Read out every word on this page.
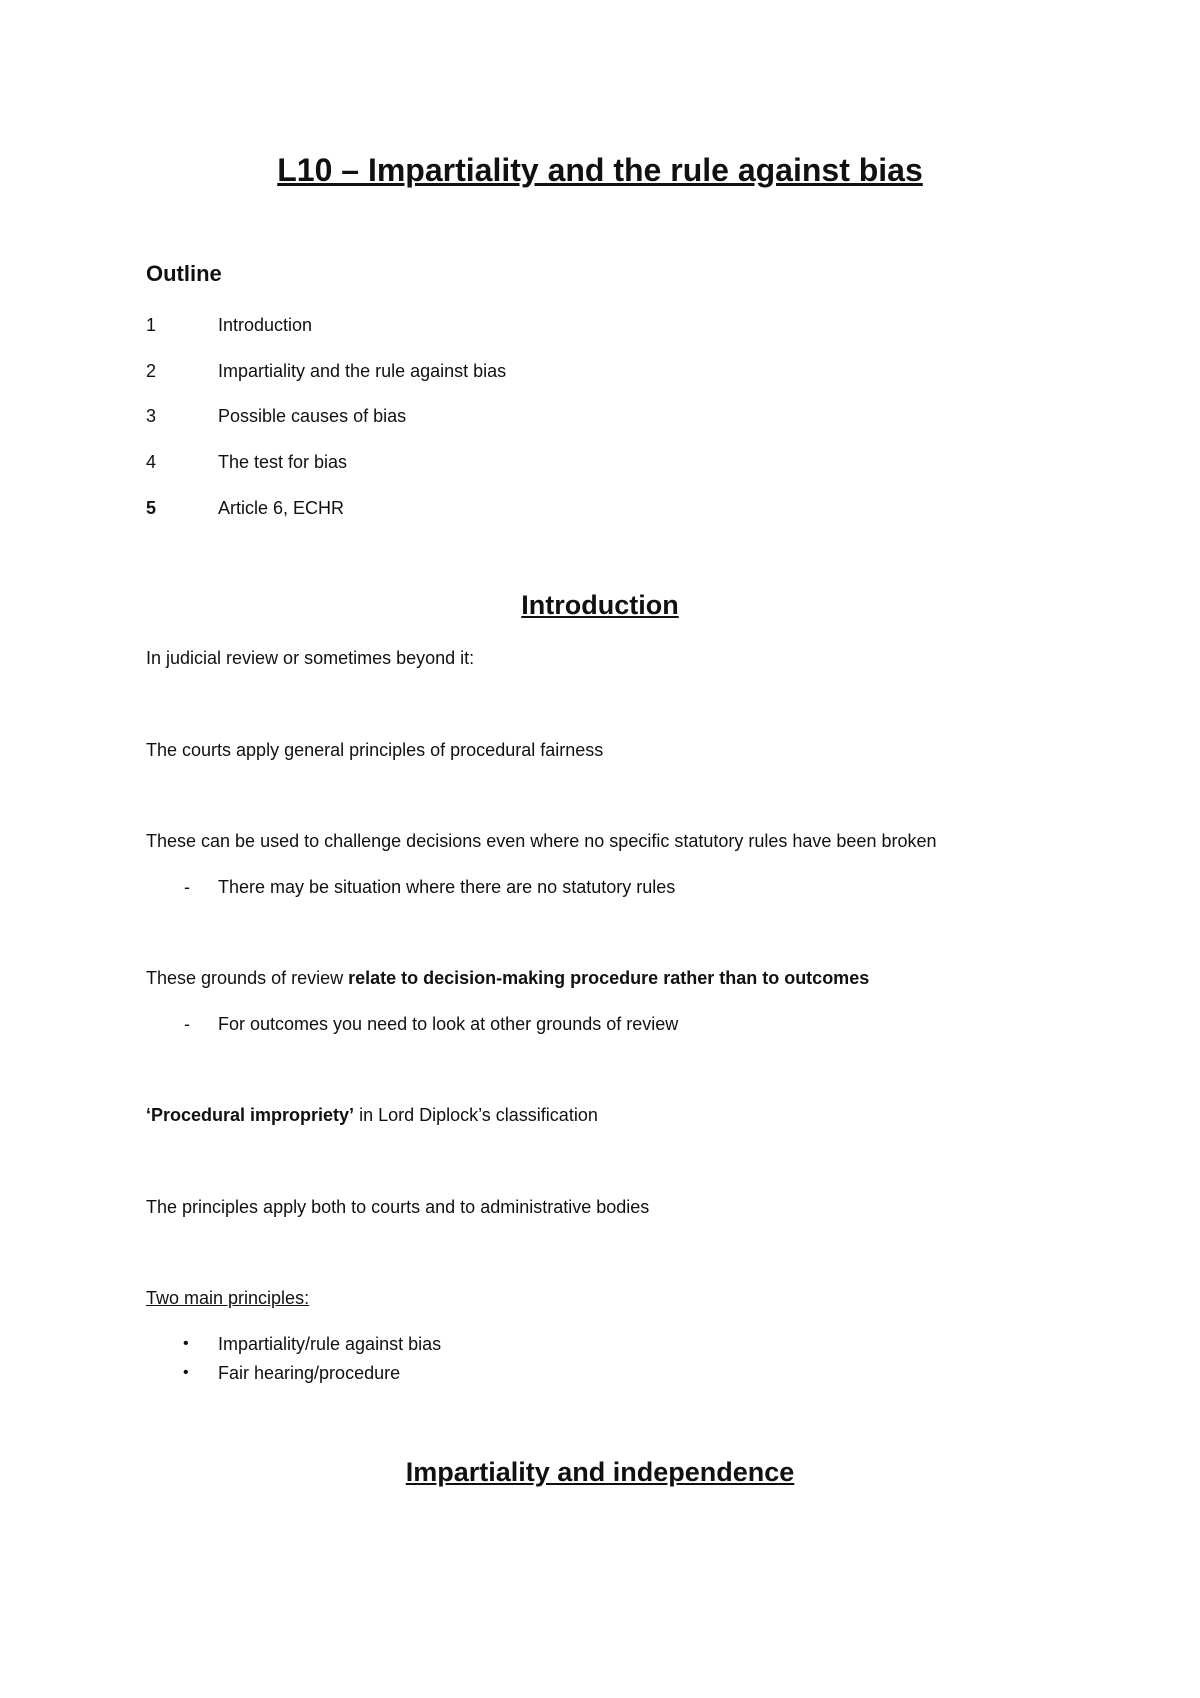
L10 – Impartiality and the rule against bias
Outline
1	Introduction
2	Impartiality and the rule against bias
3	Possible causes of bias
4	The test for bias
5	Article 6, ECHR
Introduction
In judicial review or sometimes beyond it:
The courts apply general principles of procedural fairness
These can be used to challenge decisions even where no specific statutory rules have been broken
- There may be situation where there are no statutory rules
These grounds of review relate to decision-making procedure rather than to outcomes
- For outcomes you need to look at other grounds of review
‘Procedural impropriety’ in Lord Diplock’s classification
The principles apply both to courts and to administrative bodies
Two main principles:
• Impartiality/rule against bias
• Fair hearing/procedure
Impartiality and independence
